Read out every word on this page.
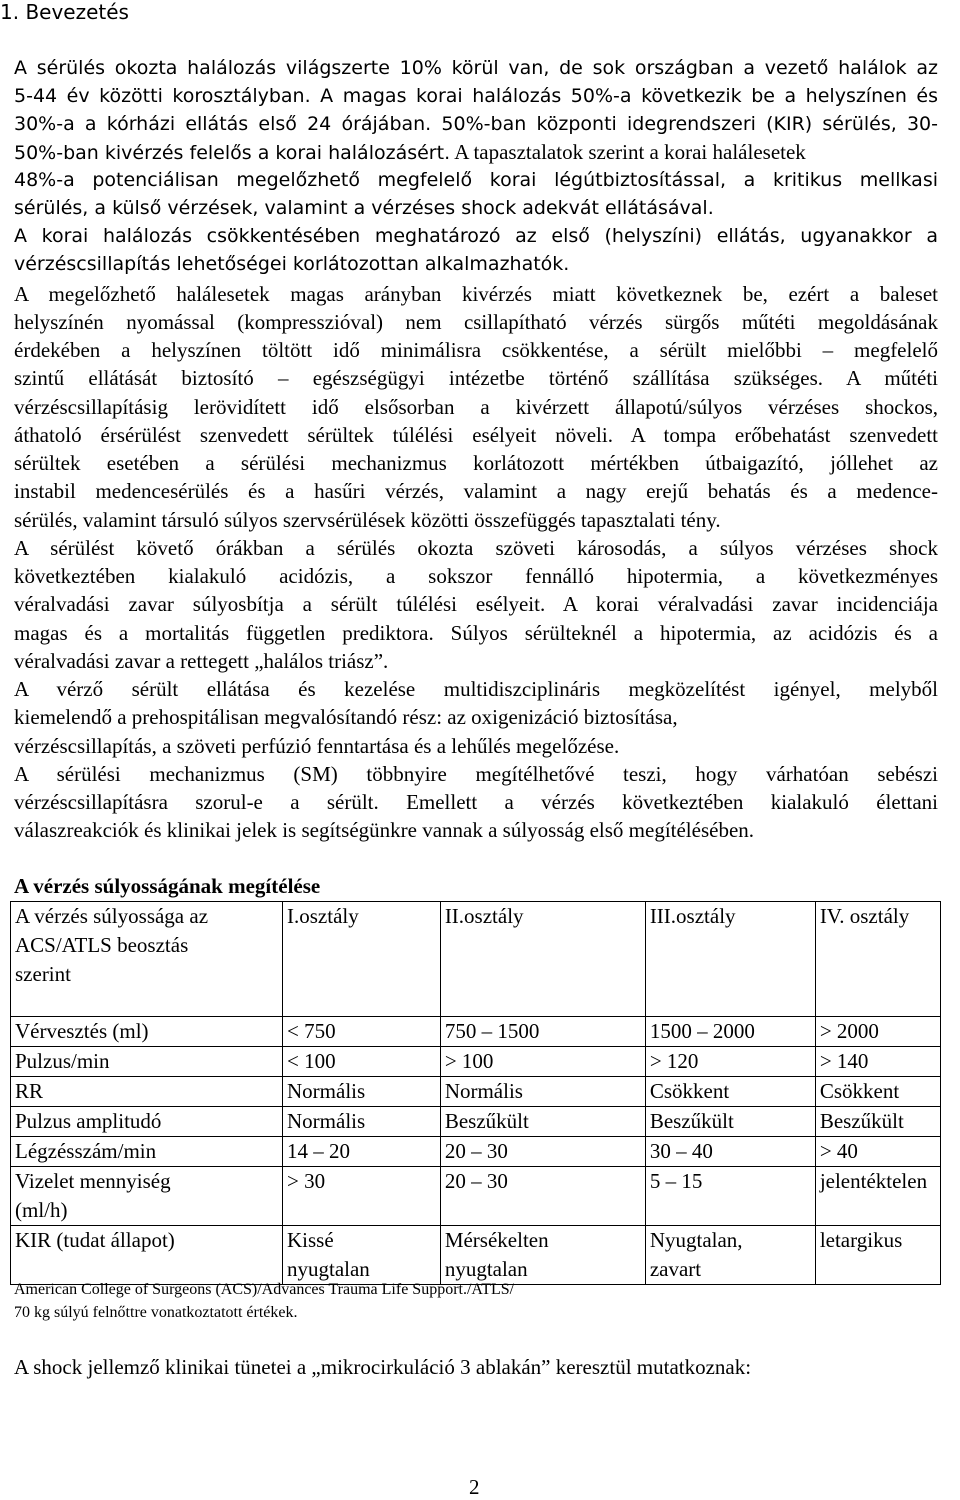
1. Bevezetés
A sérülés okozta halálozás világszerte 10% körül van, de sok országban a vezető halálok az
5-44 év közötti korosztályban. A magas korai halálozás 50%-a következik be a helyszínen és
30%-a a kórházi ellátás első 24 órájában. 50%-ban központi idegrendszeri (KIR) sérülés, 30-
50%-ban kivérzés felelős a korai halálozásért. A tapasztalatok szerint a korai halálesetek
48%-a potenciálisan megelőzhető megfelelő korai légútbiztosítással, a kritikus mellkasi
sérülés, a külső vérzések, valamint a vérzéses shock adekvát ellátásával.
A korai halálozás csökkentésében meghatározó az első (helyszíni) ellátás, ugyanakkor a
vérzéscsillapítás lehetőségei korlátozottan alkalmazhatók.
A megelőzhető halálesetek magas arányban kivérzés miatt következnek be, ezért a baleset
helyszínén nyomással (kompresszióval) nem csillapítható vérzés sürgős műtéti megoldásának
érdekében a helyszínen töltött idő minimálisra csökkentése, a sérült mielőbbi – megfelelő
szintű ellátását biztosító – egészségügyi intézetbe történő szállítása szükséges. A műtéti
vérzéscsillapításig lerövidített idő elsősorban a kivérzett állapotú/súlyos vérzéses shockos,
áthatoló érsérülést szenvedett sérültek túlélési esélyeit növeli. A tompa erőbehatást szenvedett
sérültek esetében a sérülési mechanizmus korlátozott mértékben útbaigazító, jóllehet az
instabil medencesérülés és a hasűri vérzés, valamint a nagy erejű behatás és a medence-
sérülés, valamint társuló súlyos szervsérülések közötti összefüggés tapasztalati tény.
A sérülést követő órákban a sérülés okozta szöveti károsodás, a súlyos vérzéses shock
következtében kialakuló acidózis, a sokszor fennálló hipotermia, a következményes
véralvadási zavar súlyosbítja a sérült túlélési esélyeit. A korai véralvadási zavar incidenciája
magas és a mortalitás független prediktora. Súlyos sérülteknél a hipotermia, az acidózis és a
véralvadási zavar a rettegett „halálos triász”.
A vérző sérült ellátása és kezelése multidiszciplináris megközelítést igényel, melyből
kiemelendő a prehospitálisan megvalósítandó rész: az oxigenizáció biztosítása,
vérzéscsillapítás, a szöveti perfúzió fenntartása és a lehűlés megelőzése.
A sérülési mechanizmus (SM) többnyire megítélhetővé teszi, hogy várhatóan sebészi
vérzéscsillapításra szorul-e a sérült. Emellett a vérzés következtében kialakuló élettani
válaszreakciók és klinikai jelek is segítségünkre vannak a súlyosság első megítélésében.
A vérzés súlyosságának megítélése
A vérzés súlyossága az ACS/ATLS beosztás szerint	I.osztály	II.osztály	III.osztály	IV. osztály
Vérvesztés (ml)	< 750	750 – 1500	1500 – 2000	> 2000
Pulzus/min	< 100	> 100	> 120	> 140
RR	Normális	Normális	Csökkent	Csökkent
Pulzus amplitudó	Normális	Beszűkült	Beszűkült	Beszűkült
Légzésszám/min	14 – 20	20 – 30	30 – 40	> 40
Vizelet mennyiség (ml/h)	> 30	20 – 30	5 – 15	jelentéktelen
KIR (tudat állapot)	Kissé nyugtalan	Mérsékelten nyugtalan	Nyugtalan, zavart	letargikus
American College of Surgeons (ACS)/Advances Trauma Life Support./ATLS/
70 kg súlyú felnőttre vonatkoztatott értékek.
A shock jellemző klinikai tünetei a „mikrocirkuláció 3 ablakán” keresztül mutatkoznak:
2
